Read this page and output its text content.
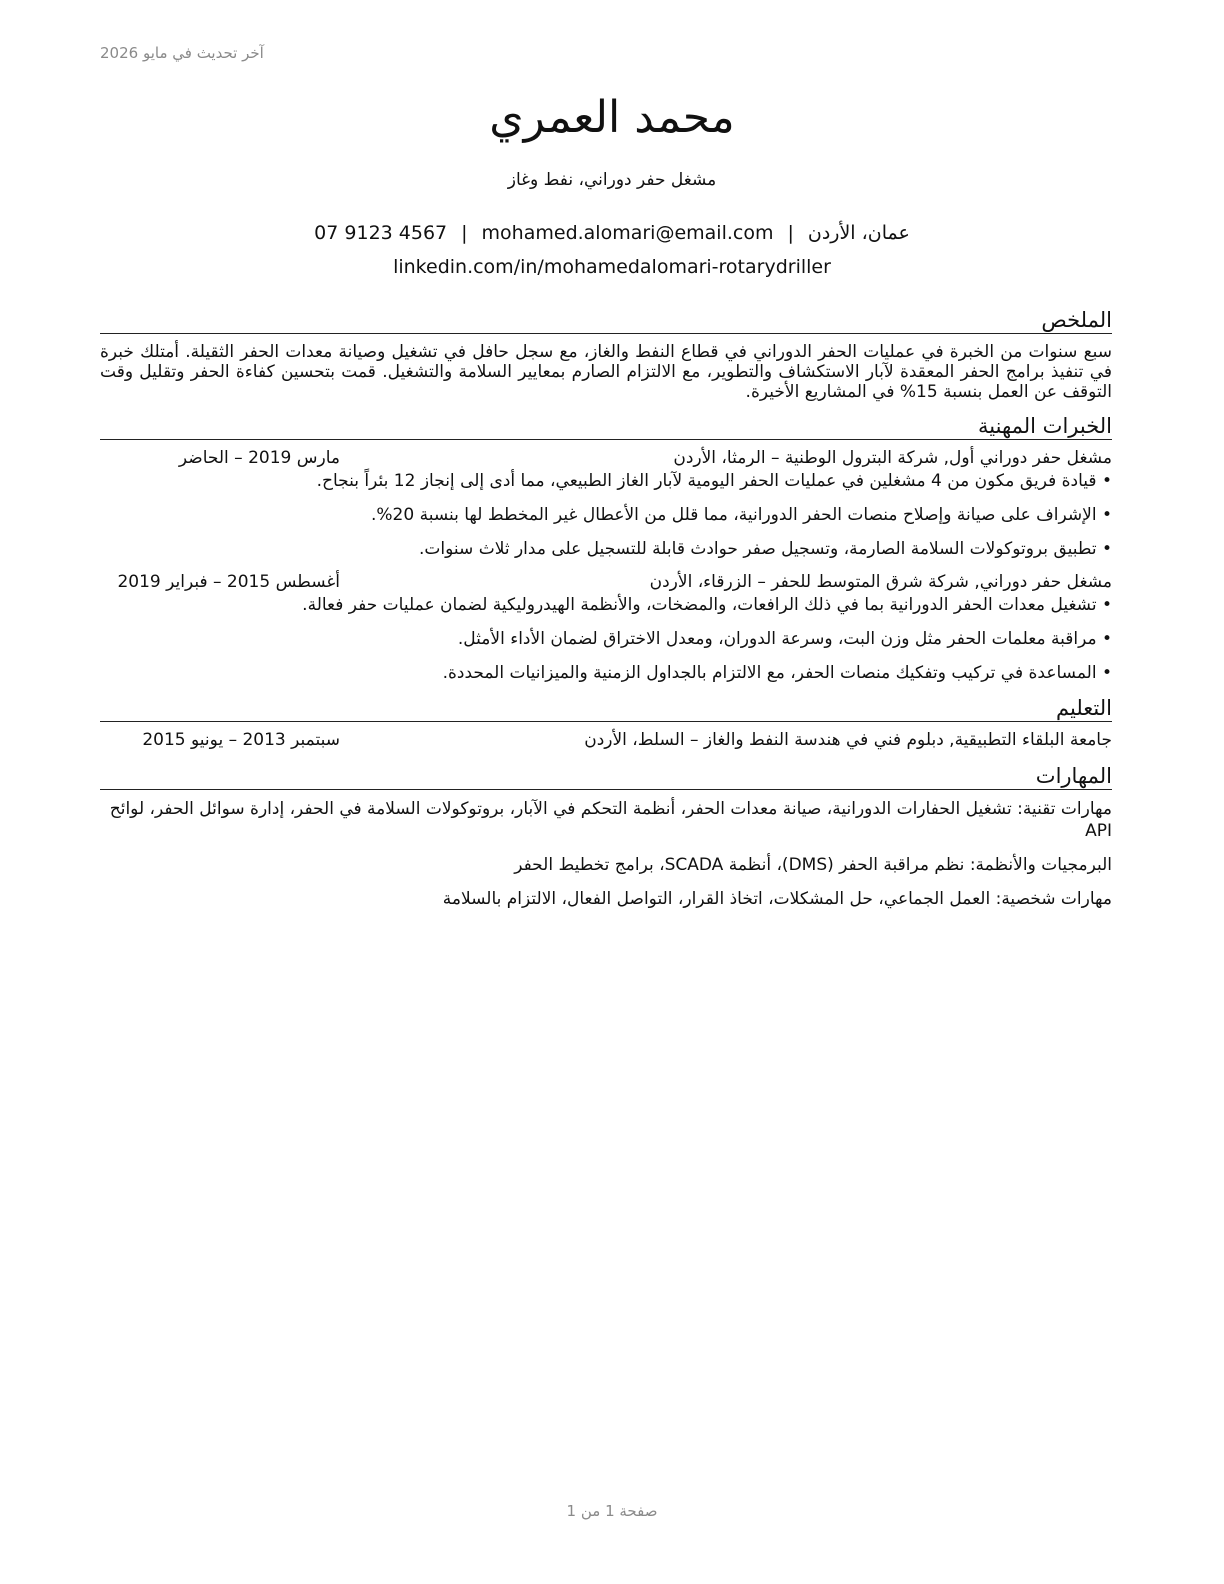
آخر تحديث في مايو 2026
محمد العمري
مشغل حفر دوراني، نفط وغاز
عمان، الأردن|mohamed.alomari@email.com|07 9123 4567
linkedin.com/in/mohamedalomari-rotarydriller
الملخص

سبع سنوات من الخبرة في عمليات الحفر الدوراني في قطاع النفط والغاز، مع سجل حافل في تشغيل وصيانة معدات الحفر الثقيلة. أمتلك خبرة في تنفيذ برامج الحفر المعقدة لآبار الاستكشاف والتطوير، مع الالتزام الصارم بمعايير السلامة والتشغيل. قمت بتحسين كفاءة الحفر وتقليل وقت التوقف عن العمل بنسبة 15% في المشاريع الأخيرة.

الخبرات المهنية
مشغل حفر دوراني أول, شركة البترول الوطنية – الرمثا، الأردن
مارس 2019 – الحاضر
• قيادة فريق مكون من 4 مشغلين في عمليات الحفر اليومية لآبار الغاز الطبيعي، مما أدى إلى إنجاز 12 بئراً بنجاح.
• الإشراف على صيانة وإصلاح منصات الحفر الدورانية، مما قلل من الأعطال غير المخطط لها بنسبة 20%.
• تطبيق بروتوكولات السلامة الصارمة، وتسجيل صفر حوادث قابلة للتسجيل على مدار ثلاث سنوات.
مشغل حفر دوراني, شركة شرق المتوسط للحفر – الزرقاء، الأردن
أغسطس 2015 – فبراير 2019
• تشغيل معدات الحفر الدورانية بما في ذلك الرافعات، والمضخات، والأنظمة الهيدروليكية لضمان عمليات حفر فعالة.
• مراقبة معلمات الحفر مثل وزن البت، وسرعة الدوران، ومعدل الاختراق لضمان الأداء الأمثل.
• المساعدة في تركيب وتفكيك منصات الحفر، مع الالتزام بالجداول الزمنية والميزانيات المحددة.
التعليم
جامعة البلقاء التطبيقية, دبلوم فني في هندسة النفط والغاز – السلط، الأردن
سبتمبر 2013 – يونيو 2015
المهارات
مهارات تقنية: تشغيل الحفارات الدورانية، صيانة معدات الحفر، أنظمة التحكم في الآبار، بروتوكولات السلامة في الحفر، إدارة سوائل الحفر، لوائح API
البرمجيات والأنظمة: نظم مراقبة الحفر (DMS)، أنظمة SCADA، برامج تخطيط الحفر
مهارات شخصية: العمل الجماعي، حل المشكلات، اتخاذ القرار، التواصل الفعال، الالتزام بالسلامة
صفحة 1 من 1
